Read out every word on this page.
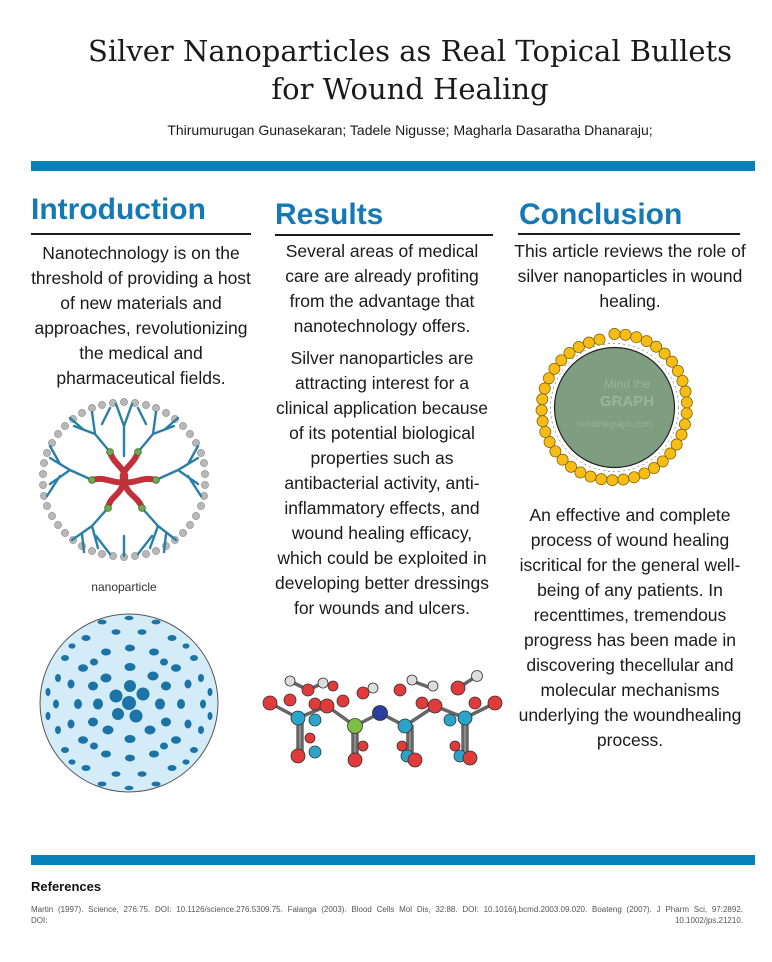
Silver Nanoparticles as Real Topical Bullets
for Wound Healing
Thirumurugan Gunasekaran; Tadele Nigusse; Magharla Dasaratha Dhanaraju;
Introduction
Nanotechnology is on the threshold of providing a host of new materials and approaches, revolutionizing the medical and pharmaceutical fields.
nanoparticle
Results
Several areas of medical care are already profiting from the advantage that nanotechnology offers.
Silver nanoparticles are attracting interest for a clinical application because of its potential biological properties such as antibacterial activity, anti-inflammatory effects, and wound healing efficacy, which could be exploited in developing better dressings for wounds and ulcers.
Conclusion
This article reviews the role of silver nanoparticles in wound healing.
Mind the
GRAPH
mindthegraph.com
An effective and complete process of wound healing iscritical for the general well-being of any patients. In recenttimes, tremendous progress has been made in discovering thecellular and molecular mechanisms underlying the woundhealing process.
References
Martin (1997). Science, 276:75. DOI: 10.1126/science.276.5309.75. Falanga (2003). Blood Cells Mol Dis, 32:88. DOI: 10.1016/j.bcmd.2003.09.020. Boateng (2007). J Pharm Sci, 97:2892.
DOI:	10.1002/jps.21210.
